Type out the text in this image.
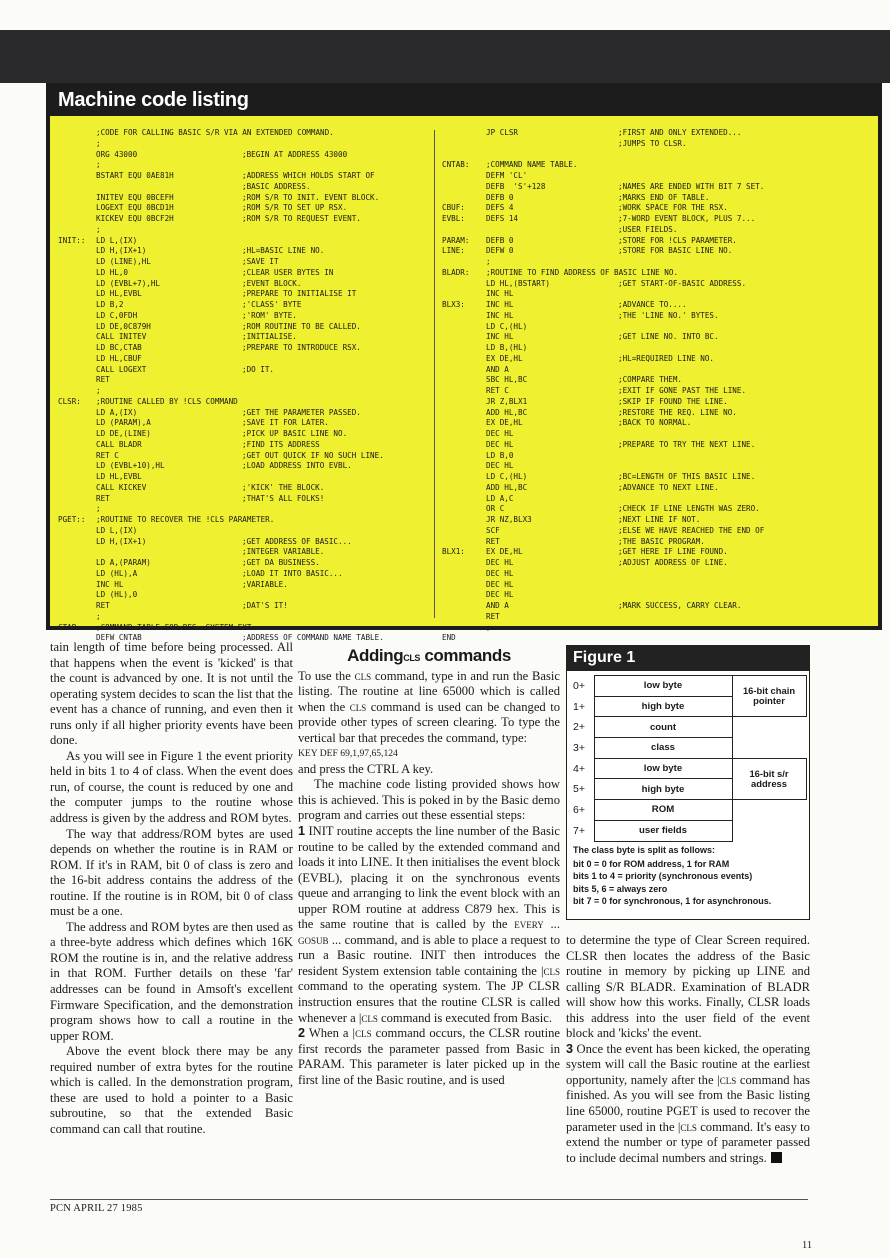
Machine code listing
;CODE FOR CALLING BASIC S/R VIA AN EXTENDED COMMAND.
;
ORG 43000	;BEGIN AT ADDRESS 43000
;
BSTART EQU 0AE81H	;ADDRESS WHICH HOLDS START OF
;BASIC ADDRESS.
INITEV EQU 0BCEFH	;ROM S/R TO INIT. EVENT BLOCK.
LOGEXT EQU 0BCD1H	;ROM S/R TO SET UP RSX.
KICKEV EQU 0BCF2H	;ROM S/R TO REQUEST EVENT.
;
INIT:: LD L,(IX)
LD H,(IX+1)	;HL=BASIC LINE NO.
LD (LINE),HL	;SAVE IT
LD HL,0	;CLEAR USER BYTES IN
LD (EVBL+7),HL	;EVENT BLOCK.
LD HL,EVBL	;PREPARE TO INITIALISE IT
LD B,2	;'CLASS' BYTE
LD C,0FDH	;'ROM' BYTE.
LD DE,0C879H	;ROM ROUTINE TO BE CALLED.
CALL INITEV	;INITIALISE.
LD BC,CTAB	;PREPARE TO INTRODUCE RSX.
LD HL,CBUF
CALL LOGEXT	;DO IT.
RET
;
CLSR: ;ROUTINE CALLED BY !CLS COMMAND
LD A,(IX)	;GET THE PARAMETER PASSED.
LD (PARAM),A	;SAVE IT FOR LATER.
LD DE,(LINE)	;PICK UP BASIC LINE NO.
CALL BLADR	;FIND ITS ADDRESS
RET C	;GET OUT QUICK IF NO SUCH LINE.
LD (EVBL+10),HL	;LOAD ADDRESS INTO EVBL.
LD HL,EVBL
CALL KICKEV	;'KICK' THE BLOCK.
RET	;THAT'S ALL FOLKS!
;
PGET:: ;ROUTINE TO RECOVER THE !CLS PARAMETER.
LD L,(IX)
LD H,(IX+1)	;GET ADDRESS OF BASIC...
;INTEGER VARIABLE.
LD A,(PARAM)	;GET DA BUSINESS.
LD (HL),A	;LOAD IT INTO BASIC...
INC HL	;VARIABLE.
LD (HL),0
RET	;DAT'S IT!
;
CTAB: ;COMMAND TABLE FOR RES. SYSTEM EXT.
DEFW CNTAB	;ADDRESS OF COMMAND NAME TABLE.
JP CLSR	;FIRST AND ONLY EXTENDED...
;JUMPS TO CLSR.
CNTAB: ;COMMAND NAME TABLE.
DEFM 'CL'
DEFB  'S'+128	;NAMES ARE ENDED WITH BIT 7 SET.
DEFB 0	;MARKS END OF TABLE.
CBUF:	DEFS 4	;WORK SPACE FOR THE RSX.
EVBL:	DEFS 14	;7-WORD EVENT BLOCK, PLUS 7...
;USER FIELDS.
PARAM: DEFB 0	;STORE FOR !CLS PARAMETER.
LINE:	DEFW 0	;STORE FOR BASIC LINE NO.
;
BLADR: ;ROUTINE TO FIND ADDRESS OF BASIC LINE NO.
LD HL,(BSTART)	;GET START-OF-BASIC ADDRESS.
INC HL
BLX3:	INC HL	;ADVANCE TO....
INC HL	;THE 'LINE NO.' BYTES.
LD C,(HL)
INC HL	;GET LINE NO. INTO BC.
LD B,(HL)
EX DE,HL	;HL=REQUIRED LINE NO.
AND A
SBC HL,BC	;COMPARE THEM.
RET C	;EXIT IF GONE PAST THE LINE.
JR Z,BLX1	;SKIP IF FOUND THE LINE.
ADD HL,BC	;RESTORE THE REQ. LINE NO.
EX DE,HL	;BACK TO NORMAL.
DEC HL
DEC HL	;PREPARE TO TRY THE NEXT LINE.
LD B,0
DEC HL
LD C,(HL)	;BC=LENGTH OF THIS BASIC LINE.
ADD HL,BC	;ADVANCE TO NEXT LINE.
LD A,C
OR C	;CHECK IF LINE LENGTH WAS ZERO.
JR NZ,BLX3	;NEXT LINE IF NOT.
SCF	;ELSE WE HAVE REACHED THE END OF
RET	;THE BASIC PROGRAM.
BLX1:	EX DE,HL	;GET HERE IF LINE FOUND.
DEC HL	;ADJUST ADDRESS OF LINE.
DEC HL
DEC HL
DEC HL
AND A	;MARK SUCCESS, CARRY CLEAR.
RET
;
END

tain length of time before being processed. All that happens when the event is 'kicked' is that the count is advanced by one. It is not until the operating system decides to scan the list that the event has a chance of running, and even then it runs only if all higher priority events have been done.

As you will see in Figure 1 the event priority held in bits 1 to 4 of class. When the event does run, of course, the count is reduced by one and the computer jumps to the routine whose address is given by the address and ROM bytes.

The way that address/ROM bytes are used depends on whether the routine is in RAM or ROM. If it's in RAM, bit 0 of class is zero and the 16-bit address contains the address of the routine. If the routine is in ROM, bit 0 of class must be a one.

The address and ROM bytes are then used as a three-byte address which defines which 16K ROM the routine is in, and the relative address in that ROM. Further details on these 'far' addresses can be found in Amsoft's excellent Firmware Specification, and the demonstration program shows how to call a routine in the upper ROM.

Above the event block there may be any required number of extra bytes for the routine which is called. In the demonstration program, these are used to hold a pointer to a Basic subroutine, so that the extended Basic command can call that routine.

Addingcls commands

To use the cls command, type in and run the Basic listing. The routine at line 65000 which is called when the cls command is used can be changed to provide other types of screen clearing. To type the vertical bar that precedes the command, type:

KEY DEF 69,1,97,65,124

and press the CTRL A key.

The machine code listing provided shows how this is achieved. This is poked in by the Basic demo program and carries out these essential steps:

1 INIT routine accepts the line number of the Basic routine to be called by the extended command and loads it into LINE. It then initialises the event block (EVBL), placing it on the synchronous events queue and arranging to link the event block with an upper ROM routine at address C879 hex. This is the same routine that is called by the every ... gosub ... command, and is able to place a request to run a Basic routine. INIT then introduces the resident System extension table containing the |cls command to the operating system. The JP CLSR instruction ensures that the routine CLSR is called whenever a |cls command is executed from Basic.

2 When a |cls command occurs, the CLSR routine first records the parameter passed from Basic in PARAM. This parameter is later picked up in the first line of the Basic routine, and is used

Figure 1
0+	low byte	16-bit chain pointer
1+	high byte	
2+	count	
3+	class	
4+	low byte	16-bit s/r address
5+	high byte	
6+	ROM	
7+	user fields	
The class byte is split as follows:
bit 0 = 0 for ROM address, 1 for RAM
bits 1 to 4 = priority (synchronous events)
bits 5, 6 = always zero
bit 7 = 0 for synchronous, 1 for asynchronous.

to determine the type of Clear Screen required. CLSR then locates the address of the Basic routine in memory by picking up LINE and calling S/R BLADR. Examination of BLADR will show how this works. Finally, CLSR loads this address into the user field of the event block and 'kicks' the event.

3 Once the event has been kicked, the operating system will call the Basic routine at the earliest opportunity, namely after the |cls command has finished. As you will see from the Basic listing line 65000, routine PGET is used to recover the parameter used in the |cls command. It's easy to extend the number or type of parameter passed to include decimal numbers and strings.

PCN APRIL 27 1985
11
